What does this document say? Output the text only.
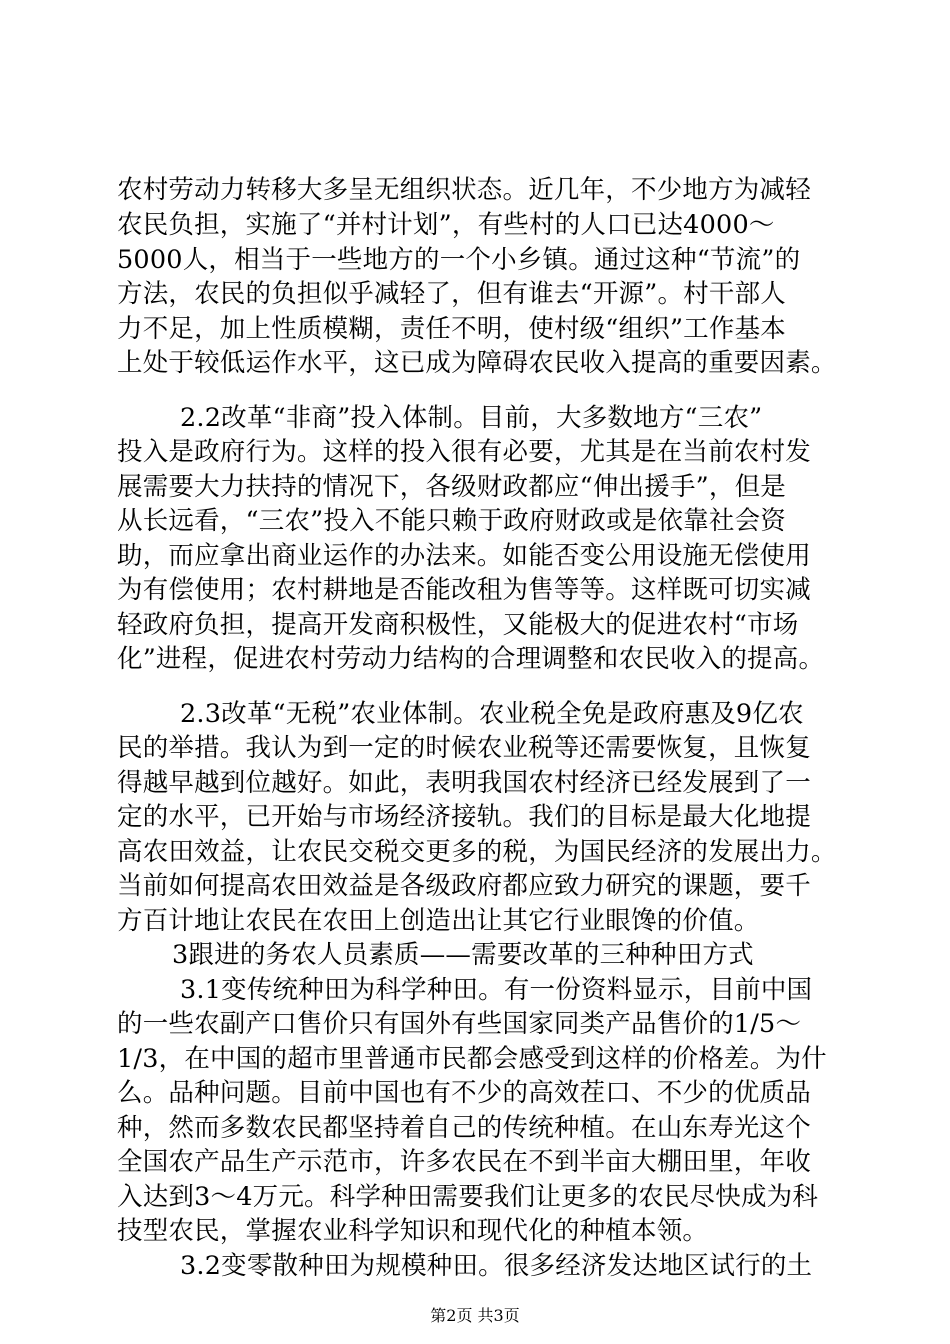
农村劳动力转移大多呈无组织状态。近几年，不少地方为减轻
农民负担，实施了“并村计划”，有些村的人口已达4000～
5000人，相当于一些地方的一个小乡镇。通过这种“节流”的
方法，农民的负担似乎减轻了，但有谁去“开源”。村干部人
力不足，加上性质模糊，责任不明，使村级“组织”工作基本
上处于较低运作水平，这已成为障碍农民收入提高的重要因素。
2.2改革“非商”投入体制。目前，大多数地方“三农”
投入是政府行为。这样的投入很有必要，尤其是在当前农村发
展需要大力扶持的情况下，各级财政都应“伸出援手”，但是
从长远看，“三农”投入不能只赖于政府财政或是依靠社会资
助，而应拿出商业运作的办法来。如能否变公用设施无偿使用
为有偿使用；农村耕地是否能改租为售等等。这样既可切实减
轻政府负担，提高开发商积极性，又能极大的促进农村“市场
化”进程，促进农村劳动力结构的合理调整和农民收入的提高。
2.3改革“无税”农业体制。农业税全免是政府惠及9亿农
民的举措。我认为到一定的时候农业税等还需要恢复，且恢复
得越早越到位越好。如此，表明我国农村经济已经发展到了一
定的水平，已开始与市场经济接轨。我们的目标是最大化地提
高农田效益，让农民交税交更多的税，为国民经济的发展出力。
当前如何提高农田效益是各级政府都应致力研究的课题，要千
方百计地让农民在农田上创造出让其它行业眼馋的价值。
3跟进的务农人员素质——需要改革的三种种田方式
3.1变传统种田为科学种田。有一份资料显示，目前中国
的一些农副产口售价只有国外有些国家同类产品售价的1/5～
1/3，在中国的超市里普通市民都会感受到这样的价格差。为什
么。品种问题。目前中国也有不少的高效茬口、不少的优质品
种，然而多数农民都坚持着自己的传统种植。在山东寿光这个
全国农产品生产示范市，许多农民在不到半亩大棚田里，年收
入达到3～4万元。科学种田需要我们让更多的农民尽快成为科
技型农民，掌握农业科学知识和现代化的种植本领。
3.2变零散种田为规模种田。很多经济发达地区试行的土
第2页 共3页
